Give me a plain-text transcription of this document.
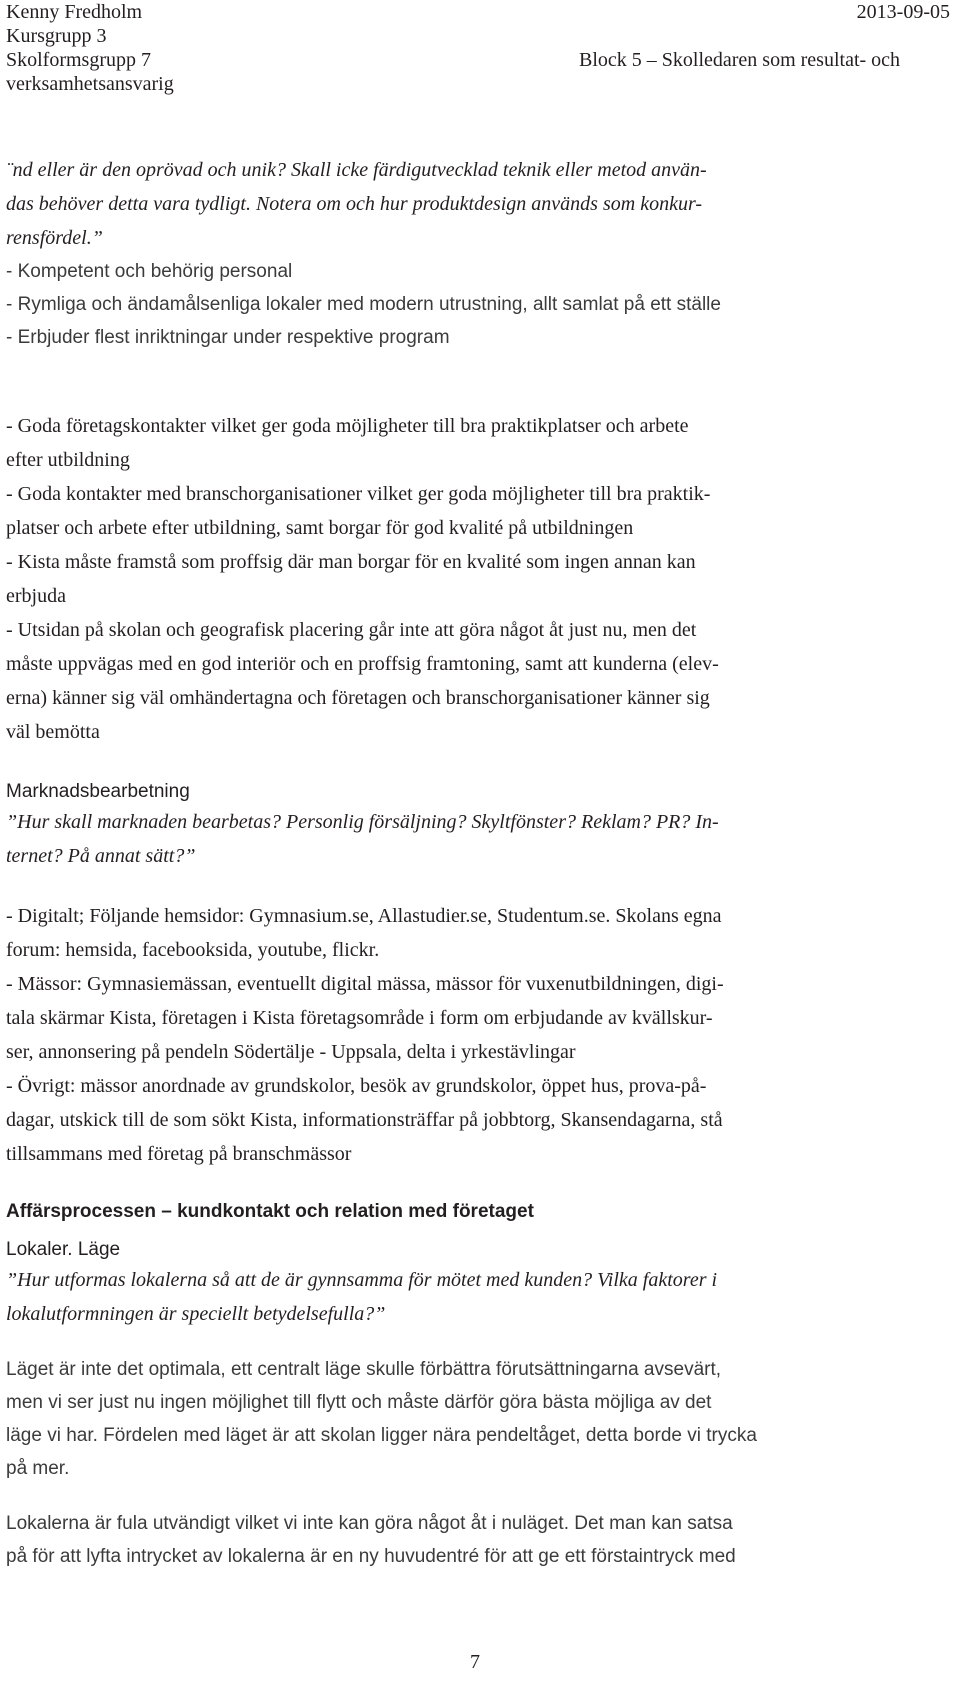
Kenny Fredholm
Kursgrupp 3
Skolformsgrupp 7
verksamhetsansvarig
2013-09-05
Block 5 – Skolledaren som resultat- och

¨nd eller är den oprövad och unik? Skall icke färdigutvecklad teknik eller metod använ-

das behöver detta vara tydligt. Notera om och hur produktdesign används som konkur-

rensfördel.”

- Kompetent och behörig personal

- Rymliga och ändamålsenliga lokaler med modern utrustning, allt samlat på ett ställe

- Erbjuder flest inriktningar under respektive program

- Goda företagskontakter vilket ger goda möjligheter till bra praktikplatser och arbete

efter utbildning

- Goda kontakter med branschorganisationer vilket ger goda möjligheter till bra praktik-

platser och arbete efter utbildning, samt borgar för god kvalité på utbildningen

- Kista måste framstå som proffsig där man borgar för en kvalité som ingen annan kan

erbjuda

- Utsidan på skolan och geografisk placering går inte att göra något åt just nu, men det

måste uppvägas med en god interiör och en proffsig framtoning, samt att kunderna (elev-

erna) känner sig väl omhändertagna och företagen och branschorganisationer känner sig

väl bemötta

Marknadsbearbetning

”Hur skall marknaden bearbetas? Personlig försäljning? Skyltfönster? Reklam? PR? In-

ternet? På annat sätt?”

- Digitalt; Följande hemsidor: Gymnasium.se, Allastudier.se, Studentum.se. Skolans egna

forum: hemsida, facebooksida, youtube, flickr.

- Mässor: Gymnasiemässan, eventuellt digital mässa, mässor för vuxenutbildningen, digi-

tala skärmar Kista, företagen i Kista företagsområde i form om erbjudande av kvällskur-

ser, annonsering på pendeln Södertälje - Uppsala, delta i yrkestävlingar

- Övrigt: mässor anordnade av grundskolor, besök av grundskolor, öppet hus, prova-på-

dagar, utskick till de som sökt Kista, informationsträffar på jobbtorg, Skansendagarna, stå

tillsammans med företag på branschmässor

Affärsprocessen – kundkontakt och relation med företaget

Lokaler. Läge

”Hur utformas lokalerna så att de är gynnsamma för mötet med kunden? Vilka faktorer i

lokalutformningen är speciellt betydelsefulla?”

Läget är inte det optimala, ett centralt läge skulle förbättra förutsättningarna avsevärt,

men vi ser just nu ingen möjlighet till flytt och måste därför göra bästa möjliga av det

läge vi har. Fördelen med läget är att skolan ligger nära pendeltåget, detta borde vi trycka

på mer.

Lokalerna är fula utvändigt vilket vi inte kan göra något åt i nuläget. Det man kan satsa

på för att lyfta intrycket av lokalerna är en ny huvudentré för att ge ett förstaintryck med

7
